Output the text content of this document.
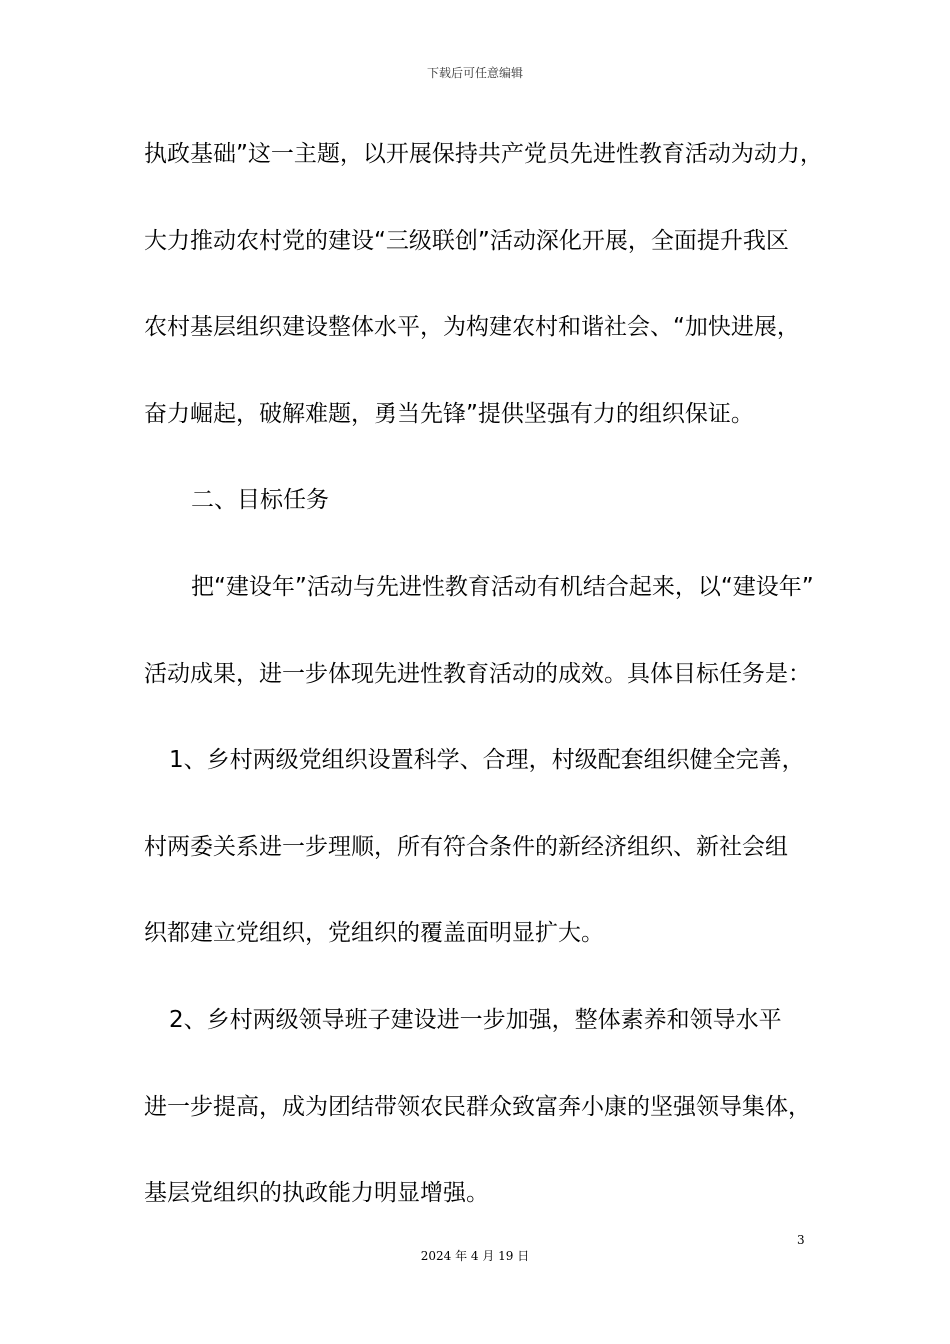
下载后可任意编辑
执政基础”这一主题，以开展保持共产党员先进性教育活动为动力，
大力推动农村党的建设“三级联创”活动深化开展，全面提升我区
农村基层组织建设整体水平，为构建农村和谐社会、“加快进展，
奋力崛起，破解难题，勇当先锋”提供坚强有力的组织保证。
二、目标任务
把“建设年”活动与先进性教育活动有机结合起来，以“建设年”
活动成果，进一步体现先进性教育活动的成效。具体目标任务是：
1、乡村两级党组织设置科学、合理，村级配套组织健全完善，
村两委关系进一步理顺，所有符合条件的新经济组织、新社会组
织都建立党组织，党组织的覆盖面明显扩大。
2、乡村两级领导班子建设进一步加强，整体素养和领导水平
进一步提高，成为团结带领农民群众致富奔小康的坚强领导集体，
基层党组织的执政能力明显增强。
3
2024 年 4 月 19 日
